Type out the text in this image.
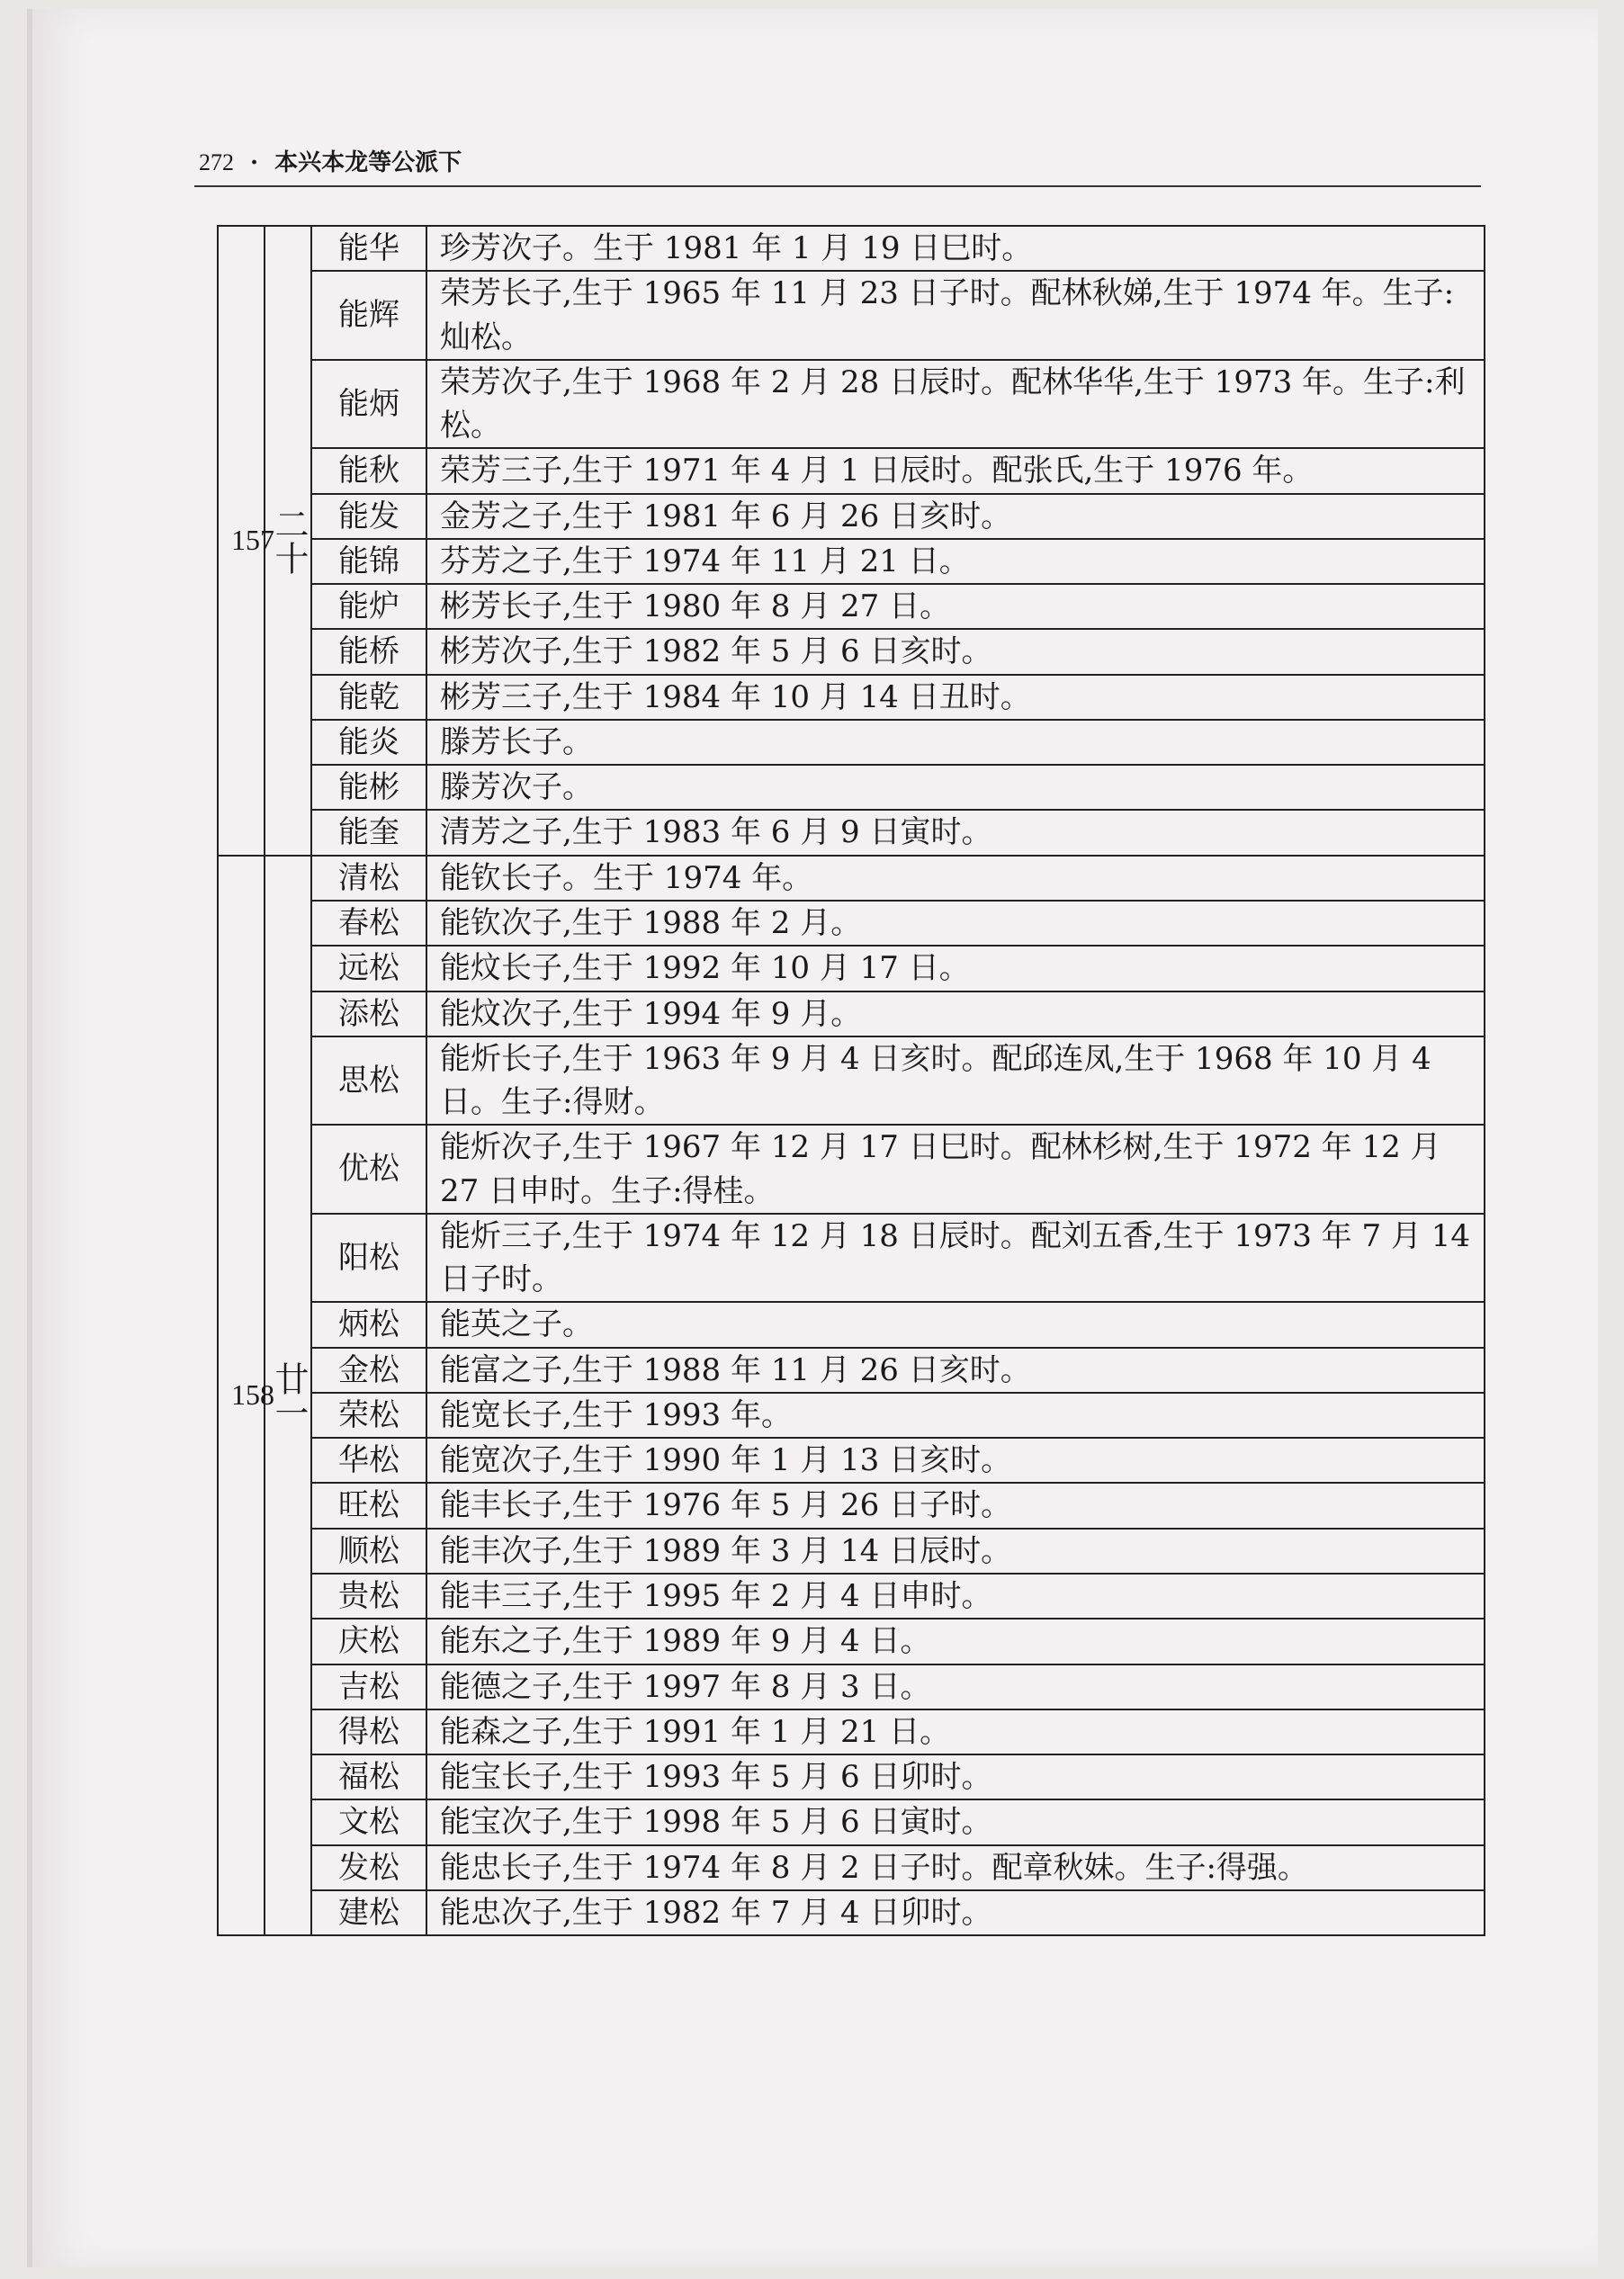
272 · 本兴本龙等公派下
157	二十	能华	珍芳次子。生于 1981 年 1 月 19 日巳时。
		能辉	荣芳长子,生于 1965 年 11 月 23 日子时。配林秋娣,生于 1974 年。生子:灿松。
		能炳	荣芳次子,生于 1968 年 2 月 28 日辰时。配林华华,生于 1973 年。生子:利松。
		能秋	荣芳三子,生于 1971 年 4 月 1 日辰时。配张氏,生于 1976 年。
		能发	金芳之子,生于 1981 年 6 月 26 日亥时。
		能锦	芬芳之子,生于 1974 年 11 月 21 日。
		能炉	彬芳长子,生于 1980 年 8 月 27 日。
		能桥	彬芳次子,生于 1982 年 5 月 6 日亥时。
		能乾	彬芳三子,生于 1984 年 10 月 14 日丑时。
		能炎	滕芳长子。
		能彬	滕芳次子。
		能奎	清芳之子,生于 1983 年 6 月 9 日寅时。
158	廿一	清松	能钦长子。生于 1974 年。
		春松	能钦次子,生于 1988 年 2 月。
		远松	能炆长子,生于 1992 年 10 月 17 日。
		添松	能炆次子,生于 1994 年 9 月。
		思松	能炘长子,生于 1963 年 9 月 4 日亥时。配邱连凤,生于 1968 年 10 月 4 日。生子:得财。
		优松	能炘次子,生于 1967 年 12 月 17 日巳时。配林杉树,生于 1972 年 12 月 27 日申时。生子:得桂。
		阳松	能炘三子,生于 1974 年 12 月 18 日辰时。配刘五香,生于 1973 年 7 月 14 日子时。
		炳松	能英之子。
		金松	能富之子,生于 1988 年 11 月 26 日亥时。
		荣松	能宽长子,生于 1993 年。
		华松	能宽次子,生于 1990 年 1 月 13 日亥时。
		旺松	能丰长子,生于 1976 年 5 月 26 日子时。
		顺松	能丰次子,生于 1989 年 3 月 14 日辰时。
		贵松	能丰三子,生于 1995 年 2 月 4 日申时。
		庆松	能东之子,生于 1989 年 9 月 4 日。
		吉松	能德之子,生于 1997 年 8 月 3 日。
		得松	能森之子,生于 1991 年 1 月 21 日。
		福松	能宝长子,生于 1993 年 5 月 6 日卯时。
		文松	能宝次子,生于 1998 年 5 月 6 日寅时。
		发松	能忠长子,生于 1974 年 8 月 2 日子时。配章秋妹。生子:得强。
		建松	能忠次子,生于 1982 年 7 月 4 日卯时。
